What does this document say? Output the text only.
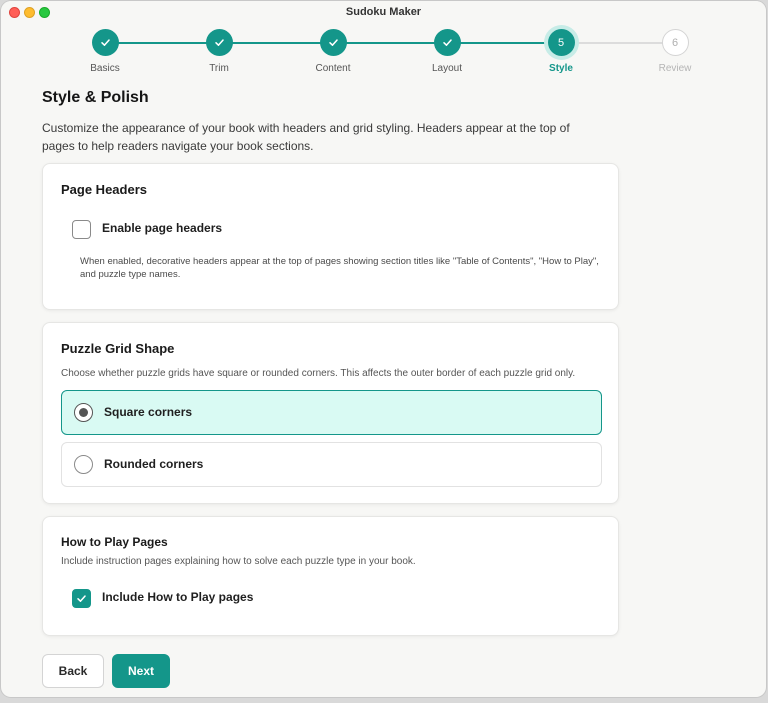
Sudoku Maker
Basics	Trim	Content	Layout
5
Style
6
Review
Style & Polish
Customize the appearance of your book with headers and grid styling. Headers appear at the top of pages to help readers navigate your book sections.
Page Headers
Enable page headers
When enabled, decorative headers appear at the top of pages showing section titles like "Table of Contents", "How to Play", and puzzle type names.
Puzzle Grid Shape
Choose whether puzzle grids have square or rounded corners. This affects the outer border of each puzzle grid only.
Square corners
Rounded corners
How to Play Pages
Include instruction pages explaining how to solve each puzzle type in your book.
Include How to Play pages
Back	Next
